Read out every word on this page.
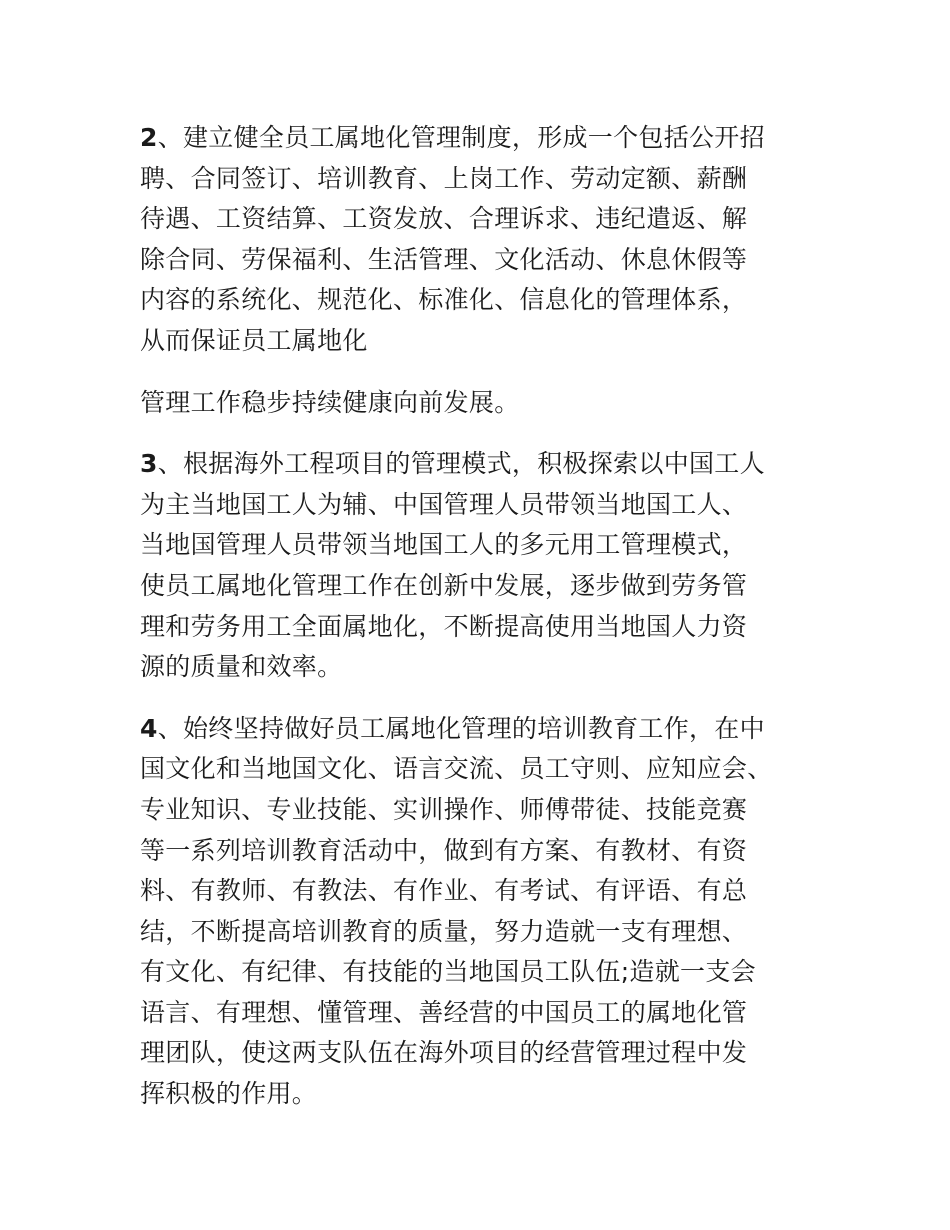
2、建立健全员工属地化管理制度，形成一个包括公开招
聘、合同签订、培训教育、上岗工作、劳动定额、薪酬
待遇、工资结算、工资发放、合理诉求、违纪遣返、解
除合同、劳保福利、生活管理、文化活动、休息休假等
内容的系统化、规范化、标准化、信息化的管理体系，
从而保证员工属地化

管理工作稳步持续健康向前发展。

3、根据海外工程项目的管理模式，积极探索以中国工人
为主当地国工人为辅、中国管理人员带领当地国工人、
当地国管理人员带领当地国工人的多元用工管理模式，
使员工属地化管理工作在创新中发展，逐步做到劳务管
理和劳务用工全面属地化，不断提高使用当地国人力资
源的质量和效率。

4、始终坚持做好员工属地化管理的培训教育工作，在中
国文化和当地国文化、语言交流、员工守则、应知应会、
专业知识、专业技能、实训操作、师傅带徒、技能竞赛
等一系列培训教育活动中，做到有方案、有教材、有资
料、有教师、有教法、有作业、有考试、有评语、有总
结，不断提高培训教育的质量，努力造就一支有理想、
有文化、有纪律、有技能的当地国员工队伍;造就一支会
语言、有理想、懂管理、善经营的中国员工的属地化管
理团队，使这两支队伍在海外项目的经营管理过程中发
挥积极的作用。
